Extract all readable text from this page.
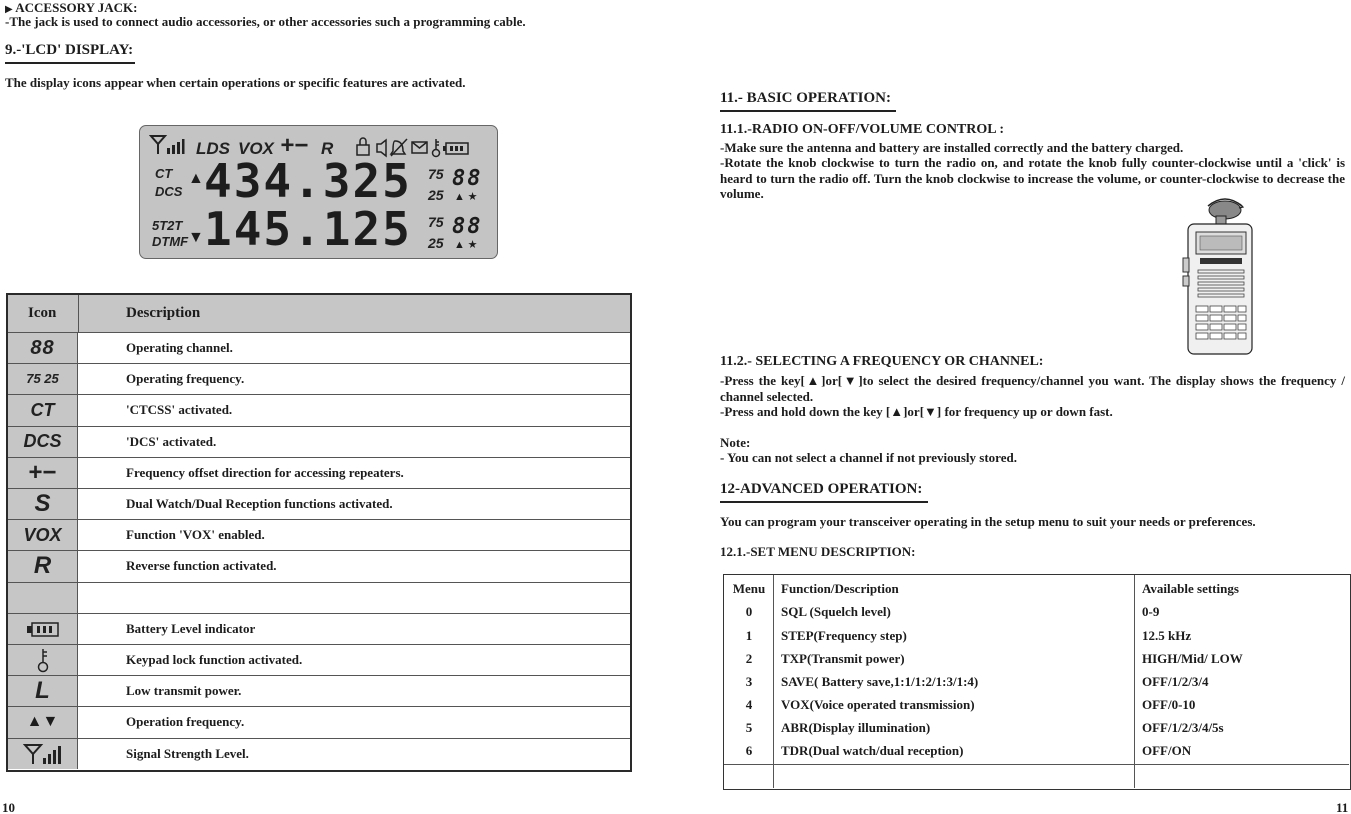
▶ ACCESSORY JACK:
-The jack is used to connect audio accessories, or other accessories such a programming cable.
9.-'LCD' DISPLAY:
The display icons appear when certain operations or specific features are activated.
LDS VOX +− R
CT
DCS
▲ 434.325 75
25
88
▲ ★
5T2T
DTMF ▼ 145.125 75
25
88
▲ ★
Icon	Description
88	Operating channel.
75 25	Operating frequency.
CT	'CTCSS' activated.
DCS	'DCS' activated.
+−	Frequency offset direction for accessing repeaters.
S	Dual Watch/Dual Reception functions activated.
VOX	Function 'VOX' enabled.
R	Reverse function activated.
Battery Level indicator
Keypad lock function activated.
L	Low transmit power.
▲▼	Operation frequency.
Signal Strength Level.
10
11.- BASIC OPERATION:
11.1.-RADIO ON-OFF/VOLUME CONTROL :
-Make sure the antenna and battery are installed correctly and the battery charged.
-Rotate the knob clockwise to turn the radio on, and rotate the knob fully counter-clockwise until a 'click' is heard to turn the radio off. Turn the knob clockwise to increase the volume, or counter-clockwise to decrease the volume.
11.2.- SELECTING A FREQUENCY OR CHANNEL:
-Press the key[▲]or[▼]to select the desired frequency/channel you want. The display shows the frequency / channel selected.
-Press and hold down the key [▲]or[▼] for frequency up or down fast.
Note:
- You can not select a channel if not previously stored.
12-ADVANCED OPERATION:
You can program your transceiver operating in the setup menu to suit your needs or preferences.
12.1.-SET MENU DESCRIPTION:
Menu	Function/Description	Available settings
0	SQL (Squelch level)	0-9
1	STEP(Frequency step)	12.5 kHz
2	TXP(Transmit power)	HIGH/Mid/ LOW
3	SAVE( Battery save,1:1/1:2/1:3/1:4)	OFF/1/2/3/4
4	VOX(Voice operated transmission)	OFF/0-10
5	ABR(Display illumination)	OFF/1/2/3/4/5s
6	TDR(Dual watch/dual reception)	OFF/ON
11
